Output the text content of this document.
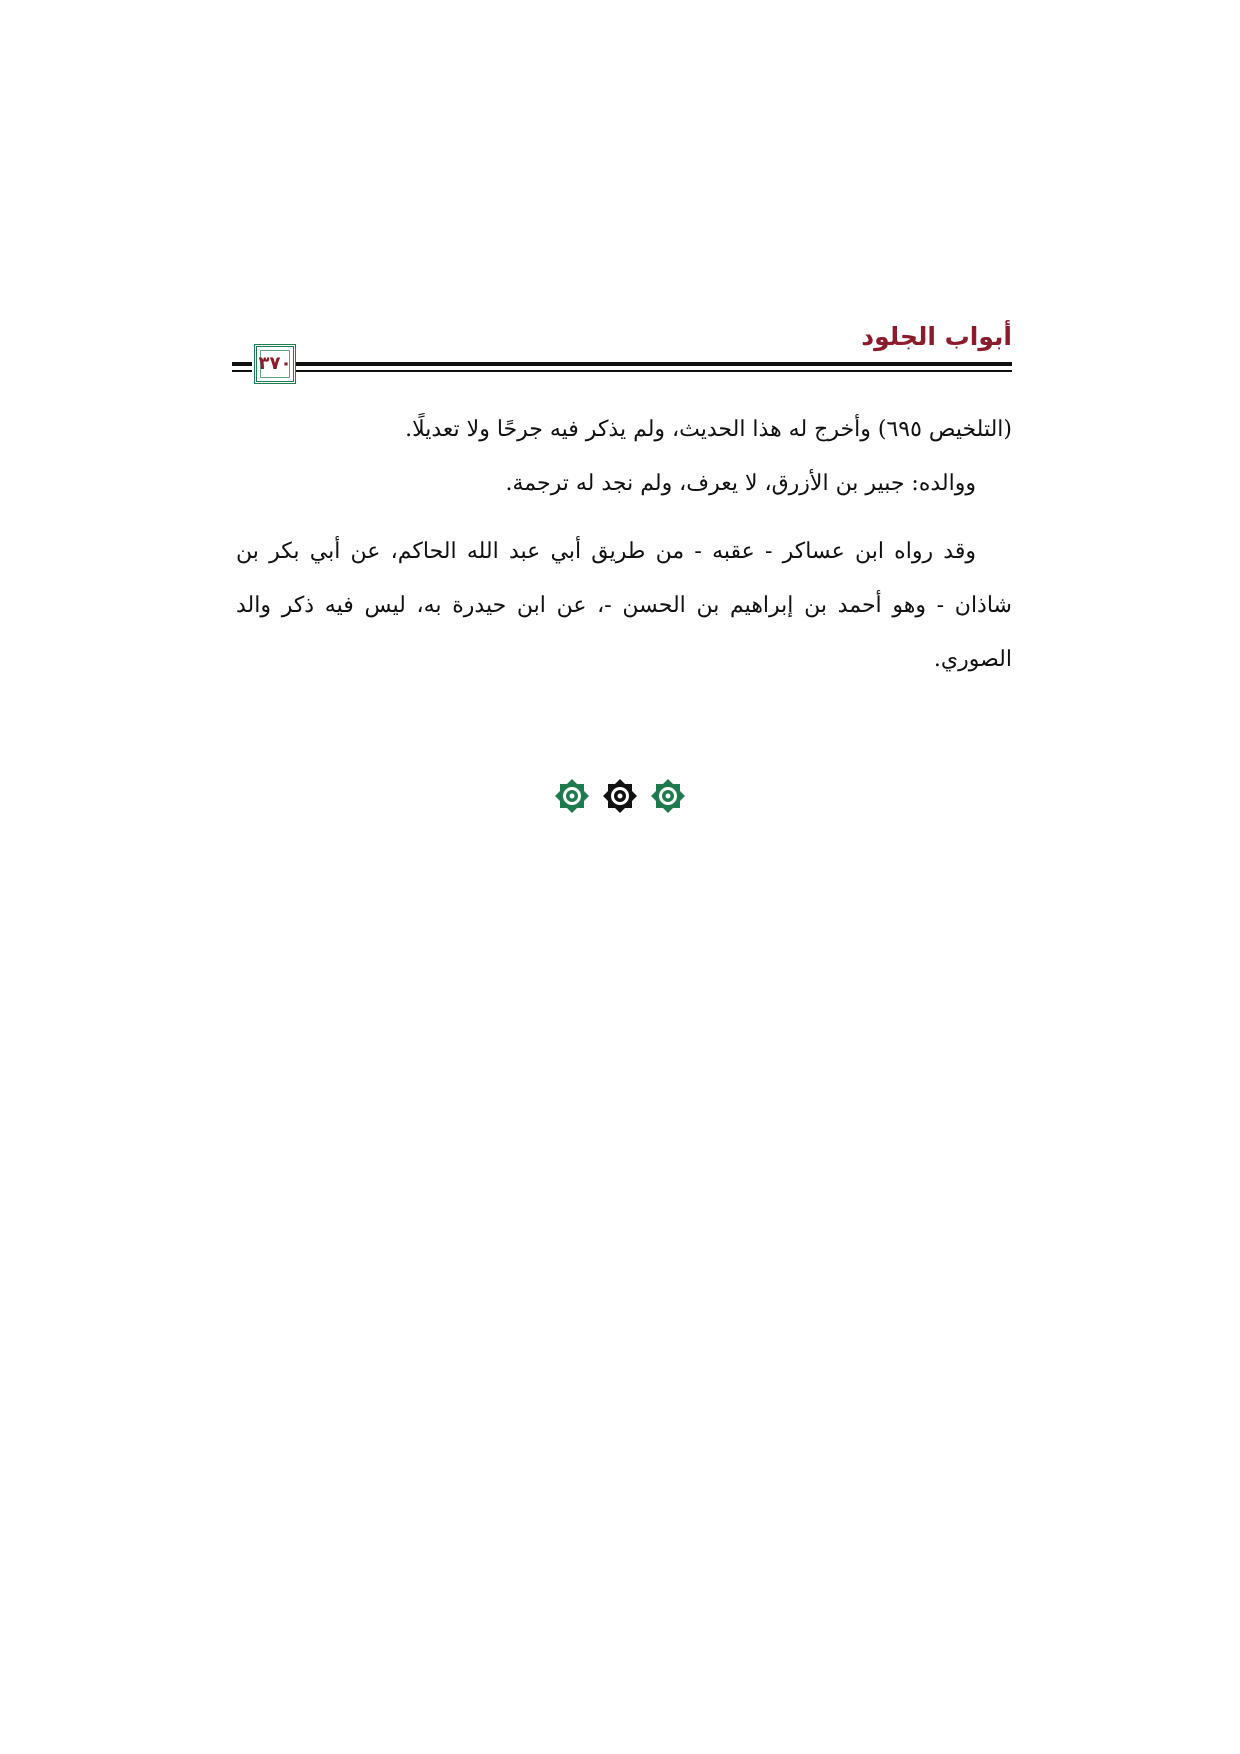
أبواب الجلود
٣٧٠

(التلخيص ٦٩٥) وأخرج له هذا الحديث، ولم يذكر فيه جرحًا ولا تعديلًا.

ووالده: جبير بن الأزرق، لا يعرف، ولم نجد له ترجمة.

وقد رواه ابن عساكر - عقبه - من طريق أبي عبد الله الحاكم، عن أبي بكر بن شاذان - وهو أحمد بن إبراهيم بن الحسن -، عن ابن حيدرة به، ليس فيه ذكر والد الصوري.
